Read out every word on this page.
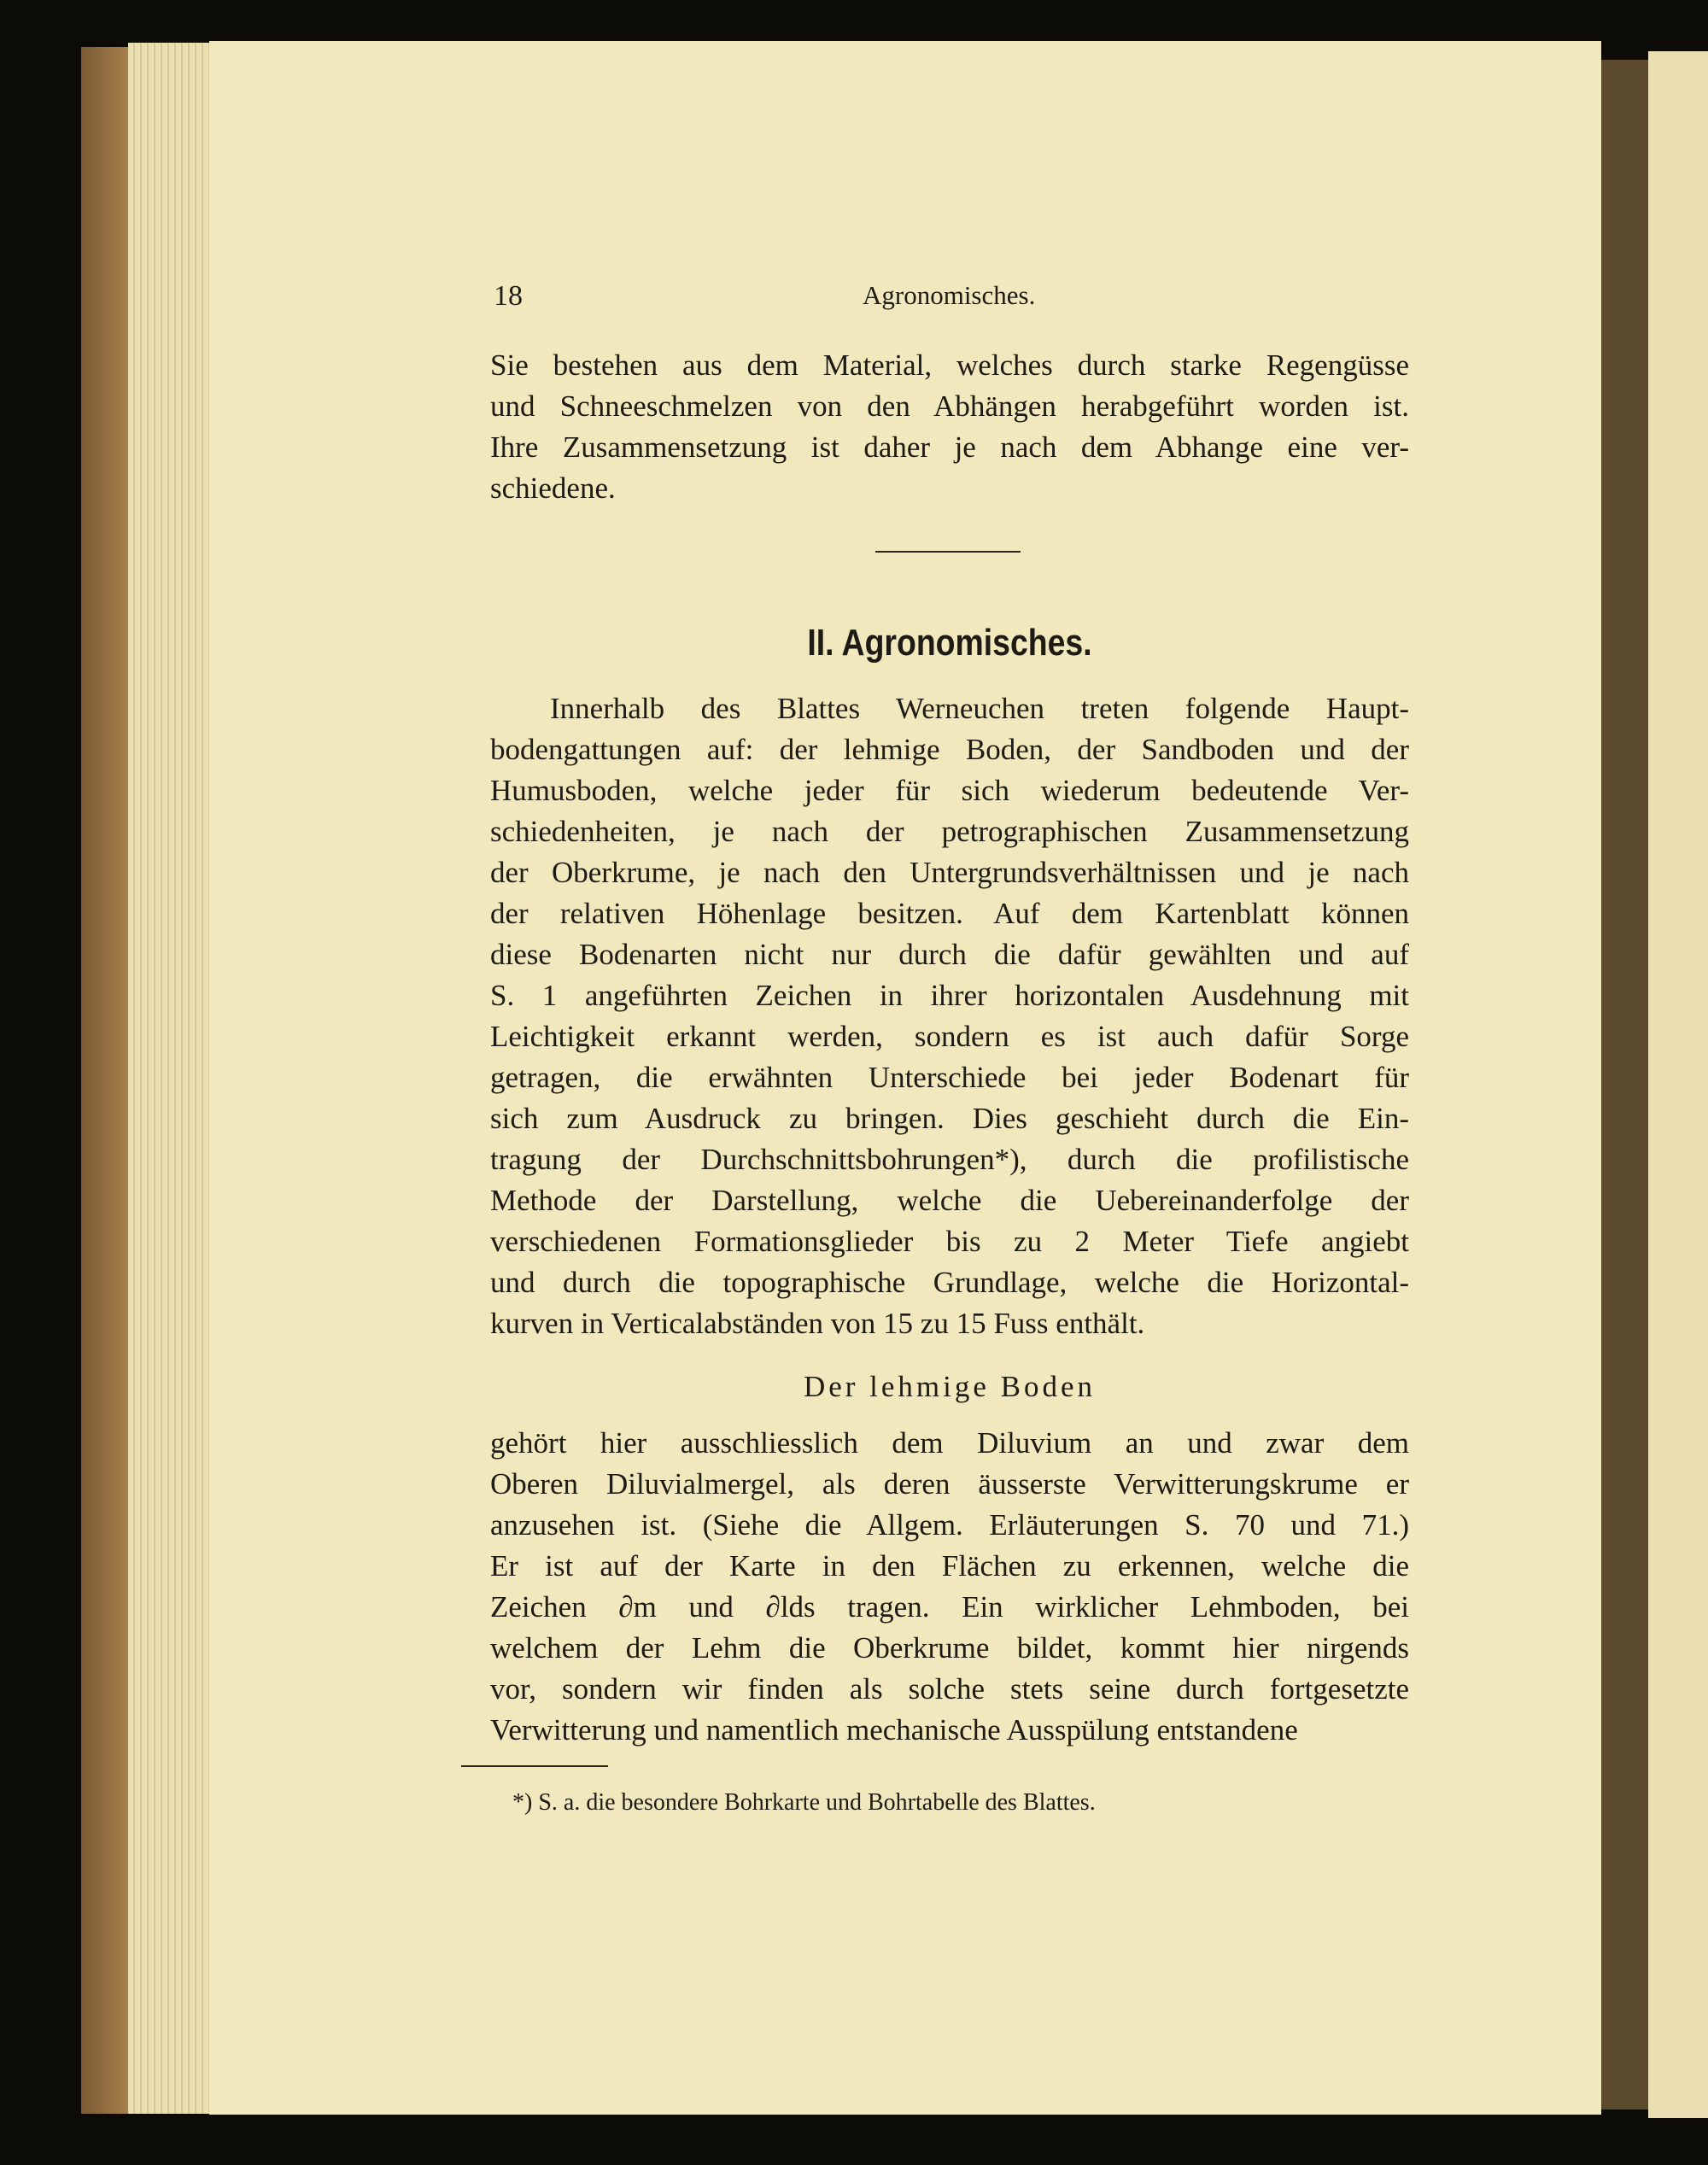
18	Agronomisches.
Sie bestehen aus dem Material, welches durch starke Regengüsse
und Schneeschmelzen von den Abhängen herabgeführt worden ist.
Ihre Zusammensetzung ist daher je nach dem Abhange eine ver-
schiedene.
II. Agronomisches.
Innerhalb des Blattes Werneuchen treten folgende Haupt-
bodengattungen auf: der lehmige Boden, der Sandboden und der
Humusboden, welche jeder für sich wiederum bedeutende Ver-
schiedenheiten, je nach der petrographischen Zusammensetzung
der Oberkrume, je nach den Untergrundsverhältnissen und je nach
der relativen Höhenlage besitzen. Auf dem Kartenblatt können
diese Bodenarten nicht nur durch die dafür gewählten und auf
S. 1 angeführten Zeichen in ihrer horizontalen Ausdehnung mit
Leichtigkeit erkannt werden, sondern es ist auch dafür Sorge
getragen, die erwähnten Unterschiede bei jeder Bodenart für
sich zum Ausdruck zu bringen. Dies geschieht durch die Ein-
tragung der Durchschnittsbohrungen*), durch die profilistische
Methode der Darstellung, welche die Uebereinanderfolge der
verschiedenen Formationsglieder bis zu 2 Meter Tiefe angiebt
und durch die topographische Grundlage, welche die Horizontal-
kurven in Verticalabständen von 15 zu 15 Fuss enthält.
Der lehmige Boden
gehört hier ausschliesslich dem Diluvium an und zwar dem
Oberen Diluvialmergel, als deren äusserste Verwitterungskrume er
anzusehen ist. (Siehe die Allgem. Erläuterungen S. 70 und 71.)
Er ist auf der Karte in den Flächen zu erkennen, welche die
Zeichen ∂m und ∂lds tragen. Ein wirklicher Lehmboden, bei
welchem der Lehm die Oberkrume bildet, kommt hier nirgends
vor, sondern wir finden als solche stets seine durch fortgesetzte
Verwitterung und namentlich mechanische Ausspülung entstandene
*) S. a. die besondere Bohrkarte und Bohrtabelle des Blattes.
